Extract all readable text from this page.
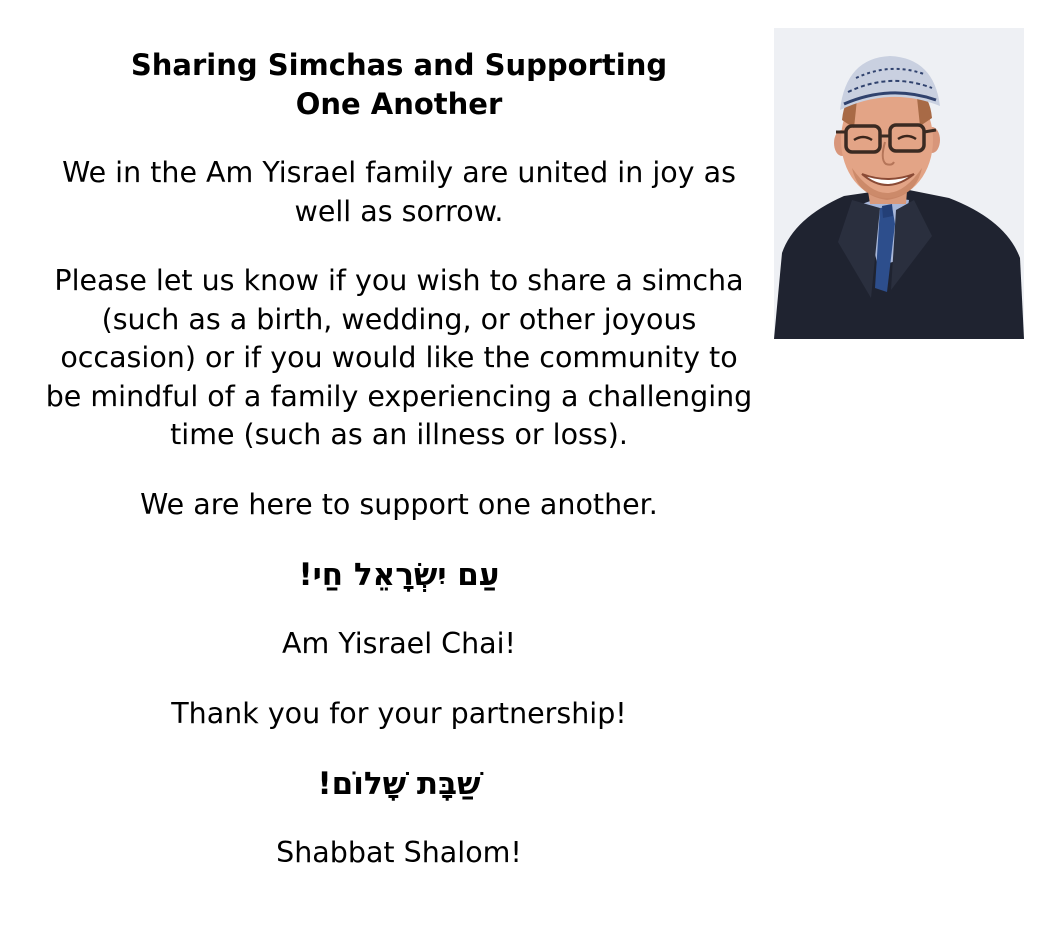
Sharing Simchas and Supporting One Another
We in the Am Yisrael family are united in joy as well as sorrow.
Please let us know if you wish to share a simcha (such as a birth, wedding, or other joyous occasion) or if you would like the community to be mindful of a family experiencing a challenging time (such as an illness or loss).
We are here to support one another.
עַם יִשְׂרָאֵל חַי!
Am Yisrael Chai!
Thank you for your partnership!
שַׁבָּת שָׁלוֹם!
Shabbat Shalom!
